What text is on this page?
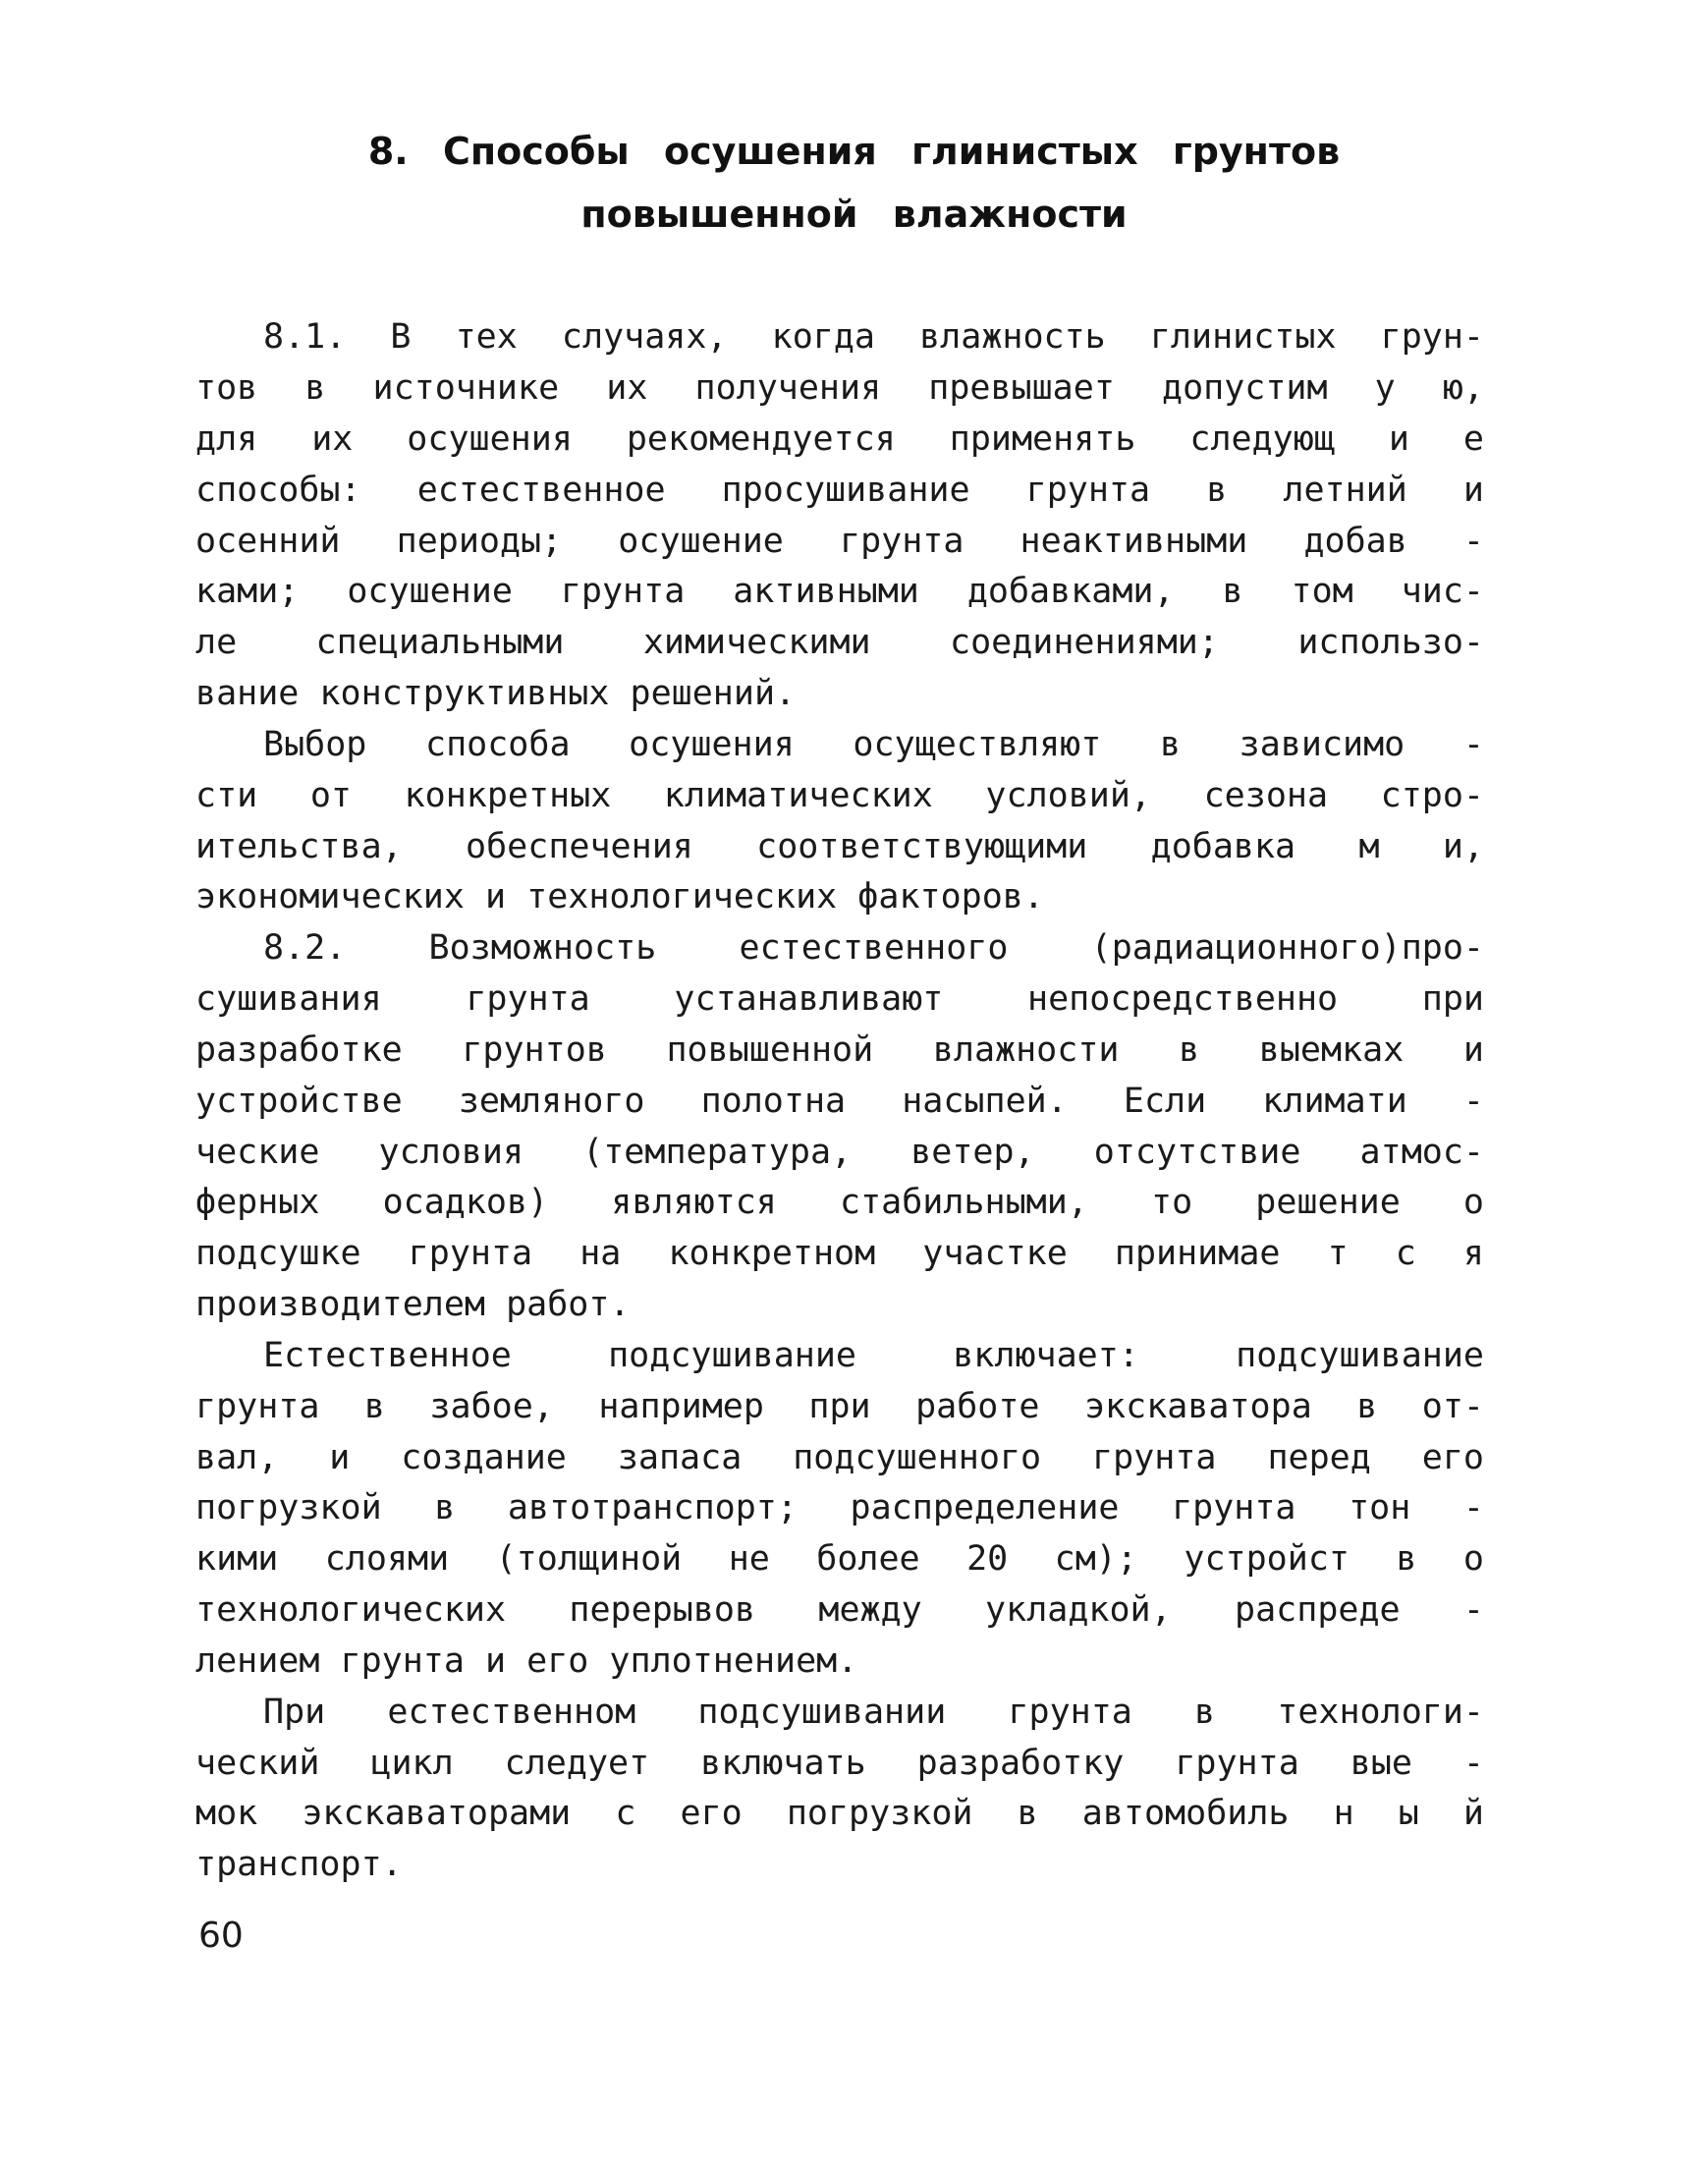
8. Способы осушения глинистых грунтов
повышенной влажности
8.1. В тех случаях, когда влажность глинистых грун-
тов в источнике их получения превышает допустим у ю,
для их осушения рекомендуется применять следующ и е
способы: естественное просушивание грунта в летний и
осенний периоды; осушение грунта неактивными добав -
ками; осушение грунта активными добавками, в том чис-
ле специальными химическими соединениями; использо-
вание конструктивных решений.
Выбор способа осушения осуществляют в зависимо -
сти от конкретных климатических условий, сезона стро-
ительства, обеспечения соответствующими добавка м и,
экономических и технологических факторов.
8.2. Возможность естественного (радиационного)про-
сушивания грунта устанавливают непосредственно при
разработке грунтов повышенной влажности в выемках и
устройстве земляного полотна насыпей. Если климати -
ческие условия (температура, ветер, отсутствие атмос-
ферных осадков) являются стабильными, то решение о
подсушке грунта на конкретном участке принимае т с я
производителем работ.
Естественное подсушивание включает: подсушивание
грунта в забое, например при работе экскаватора в от-
вал, и создание запаса подсушенного грунта перед его
погрузкой в автотранспорт; распределение грунта тон -
кими слоями (толщиной не более 20 см); устройст в о
технологических перерывов между укладкой, распреде -
лением грунта и его уплотнением.
При естественном подсушивании грунта в технологи-
ческий цикл следует включать разработку грунта вые -
мок экскаваторами с его погрузкой в автомобиль н ы й
транспорт.
60
